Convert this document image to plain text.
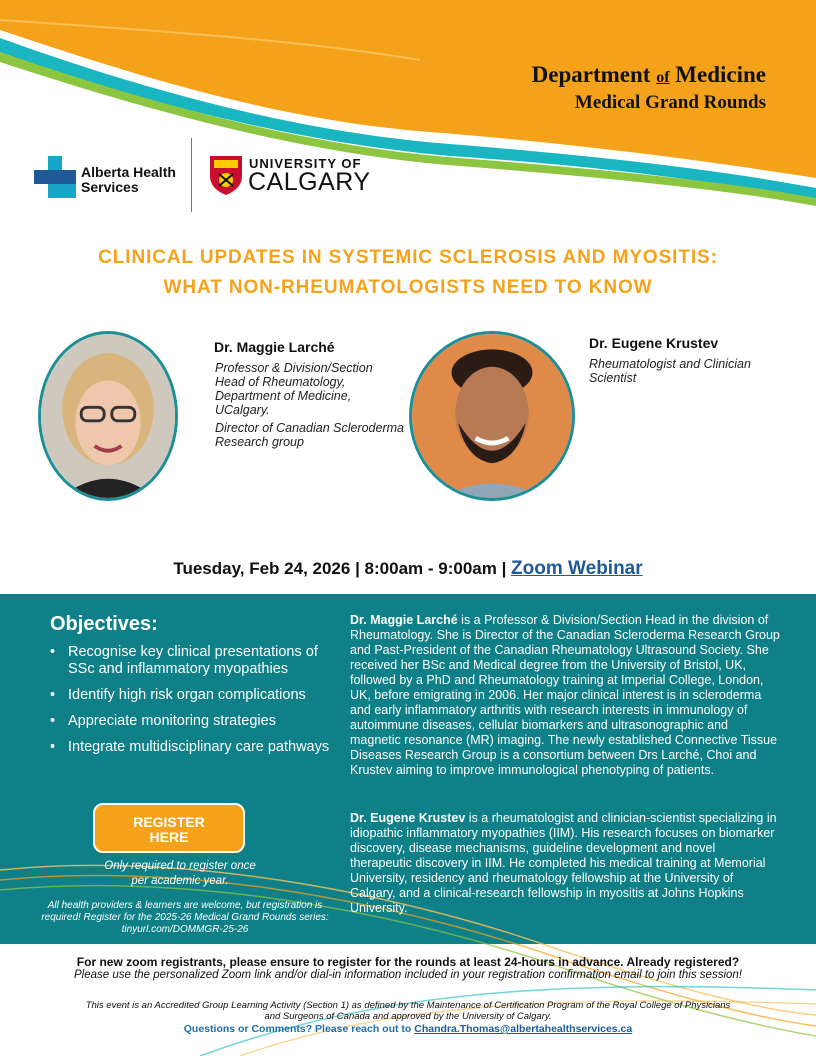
Department of Medicine
Medical Grand Rounds
Alberta Health
Services
UNIVERSITY OF
CALGARY
CLINICAL UPDATES IN SYSTEMIC SCLEROSIS AND MYOSITIS:
WHAT NON-RHEUMATOLOGISTS NEED TO KNOW
Dr. Maggie Larché
Professor & Division/Section Head of Rheumatology, Department of Medicine, UCalgary.
Director of Canadian Scleroderma Research group
Dr. Eugene Krustev
Rheumatologist and Clinician Scientist
Tuesday, Feb 24, 2026 | 8:00am - 9:00am | Zoom Webinar
Objectives:
• Recognise key clinical presentations of SSc and inflammatory myopathies
• Identify high risk organ complications
• Appreciate monitoring strategies
• Integrate multidisciplinary care pathways
REGISTER
HERE
Only required to register once per academic year.
All health providers & learners are welcome, but registration is required! Register for the 2025-26 Medical Grand Rounds series: tinyurl.com/DOMMGR-25-26
Dr. Maggie Larché is a Professor & Division/Section Head in the division of Rheumatology. She is Director of the Canadian Scleroderma Research Group and Past-President of the Canadian Rheumatology Ultrasound Society. She received her BSc and Medical degree from the University of Bristol, UK, followed by a PhD and Rheumatology training at Imperial College, London, UK, before emigrating in 2006. Her major clinical interest is in scleroderma and early inflammatory arthritis with research interests in immunology of autoimmune diseases, cellular biomarkers and ultrasonographic and magnetic resonance (MR) imaging. The newly established Connective Tissue Diseases Research Group is a consortium between Drs Larché, Choi and Krustev aiming to improve immunological phenotyping of patients.
Dr. Eugene Krustev is a rheumatologist and clinician-scientist specializing in idiopathic inflammatory myopathies (IIM). His research focuses on biomarker discovery, disease mechanisms, guideline development and novel therapeutic discovery in IIM. He completed his medical training at Memorial University, residency and rheumatology fellowship at the University of Calgary, and a clinical-research fellowship in myositis at Johns Hopkins University.
For new zoom registrants, please ensure to register for the rounds at least 24-hours in advance. Already registered?
Please use the personalized Zoom link and/or dial-in information included in your registration confirmation email to join this session!
This event is an Accredited Group Learning Activity (Section 1) as defined by the Maintenance of Certification Program of the Royal College of Physicians and Surgeons of Canada and approved by the University of Calgary.
Questions or Comments? Please reach out to Chandra.Thomas@albertahealthservices.ca
